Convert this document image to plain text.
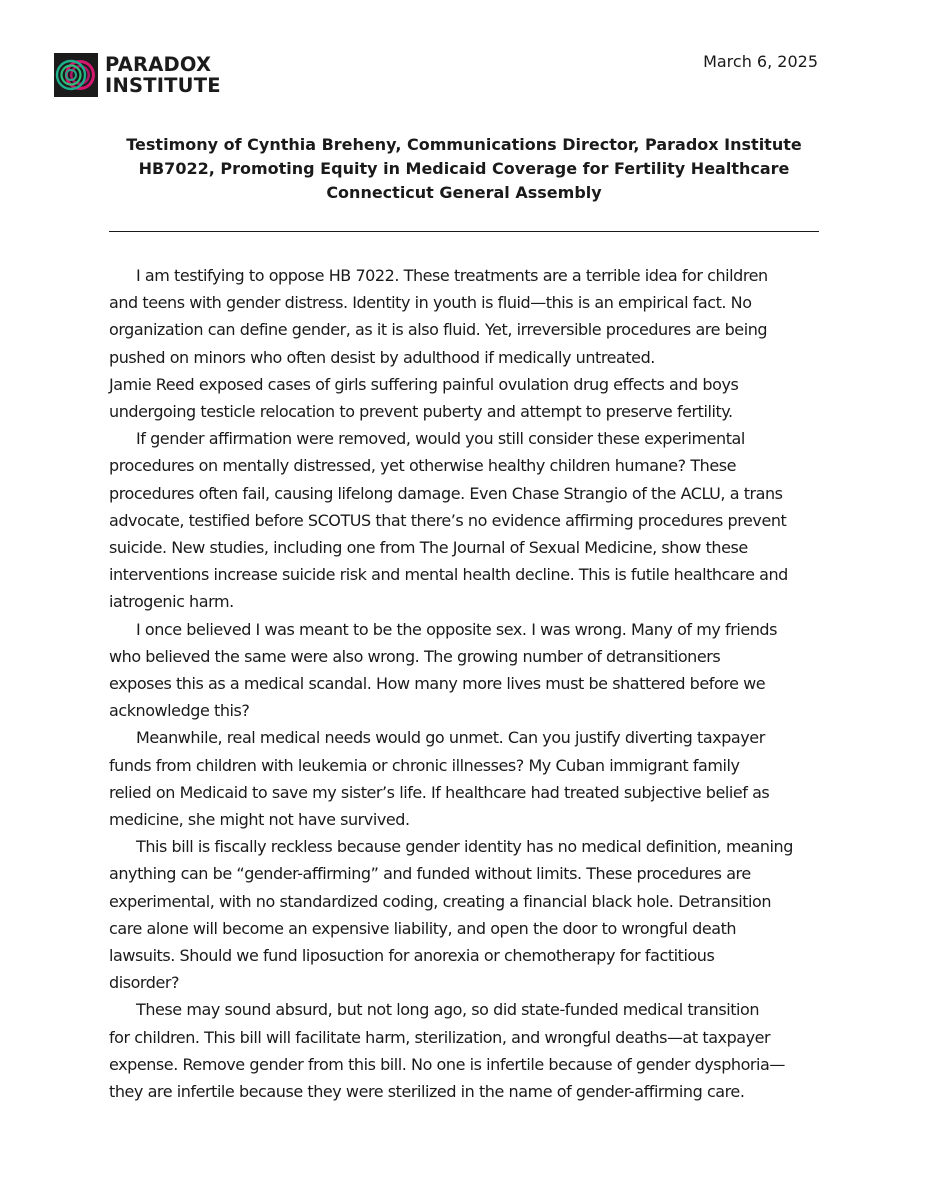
PARADOX
INSTITUTE
March 6, 2025
Testimony of Cynthia Breheny, Communications Director, Paradox Institute
HB7022, Promoting Equity in Medicaid Coverage for Fertility Healthcare
Connecticut General Assembly
I am testifying to oppose HB 7022. These treatments are a terrible idea for children
and teens with gender distress. Identity in youth is fluid—this is an empirical fact. No
organization can define gender, as it is also fluid. Yet, irreversible procedures are being
pushed on minors who often desist by adulthood if medically untreated.
Jamie Reed exposed cases of girls suffering painful ovulation drug effects and boys
undergoing testicle relocation to prevent puberty and attempt to preserve fertility.
If gender affirmation were removed, would you still consider these experimental
procedures on mentally distressed, yet otherwise healthy children humane? These
procedures often fail, causing lifelong damage. Even Chase Strangio of the ACLU, a trans
advocate, testified before SCOTUS that there’s no evidence affirming procedures prevent
suicide. New studies, including one from The Journal of Sexual Medicine, show these
interventions increase suicide risk and mental health decline. This is futile healthcare and
iatrogenic harm.
I once believed I was meant to be the opposite sex. I was wrong. Many of my friends
who believed the same were also wrong. The growing number of detransitioners
exposes this as a medical scandal. How many more lives must be shattered before we
acknowledge this?
Meanwhile, real medical needs would go unmet. Can you justify diverting taxpayer
funds from children with leukemia or chronic illnesses? My Cuban immigrant family
relied on Medicaid to save my sister’s life. If healthcare had treated subjective belief as
medicine, she might not have survived.
This bill is fiscally reckless because gender identity has no medical definition, meaning
anything can be “gender-affirming” and funded without limits. These procedures are
experimental, with no standardized coding, creating a financial black hole. Detransition
care alone will become an expensive liability, and open the door to wrongful death
lawsuits. Should we fund liposuction for anorexia or chemotherapy for factitious
disorder?
These may sound absurd, but not long ago, so did state-funded medical transition
for children. This bill will facilitate harm, sterilization, and wrongful deaths—at taxpayer
expense. Remove gender from this bill. No one is infertile because of gender dysphoria—
they are infertile because they were sterilized in the name of gender-affirming care.
